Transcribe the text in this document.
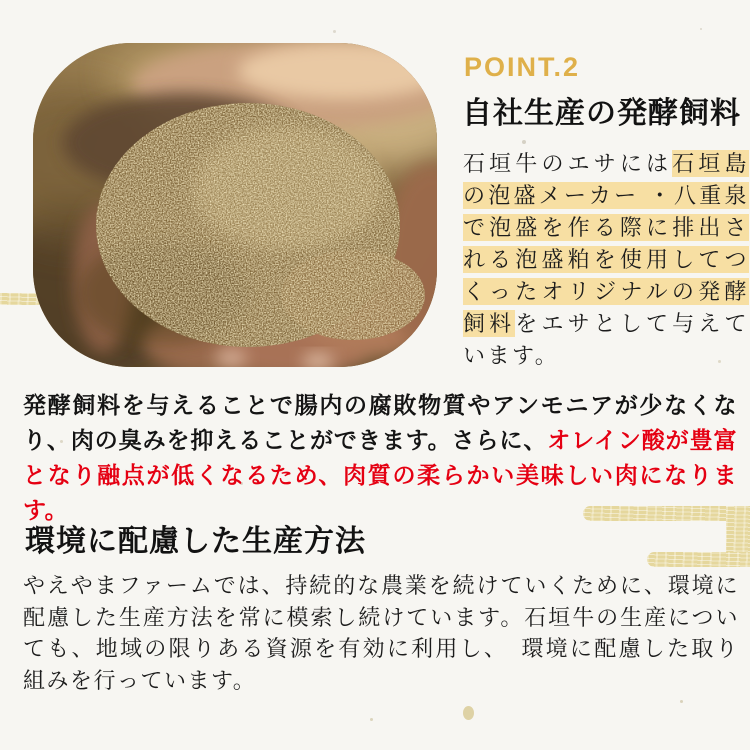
POINT.2
自社生産の発酵飼料

石垣牛のエサには石垣島の泡盛メーカー ・八重泉で泡盛を作る際に排出される泡盛粕を使用してつくったオリジナルの発酵飼料をエサとして与えています。

発酵飼料を与えることで腸内の腐敗物質やアンモニアが少なくなり、肉の臭みを抑えることができます。さらに、オレイン酸が豊富となり融点が低くなるため、肉質の柔らかい美味しい肉になります。

環境に配慮した生産方法

やえやまファームでは、持続的な農業を続けていくために、環境に配慮した生産方法を常に模索し続けています。石垣牛の生産についても、地域の限りある資源を有効に利用し、　環境に配慮した取り組みを行っています。
